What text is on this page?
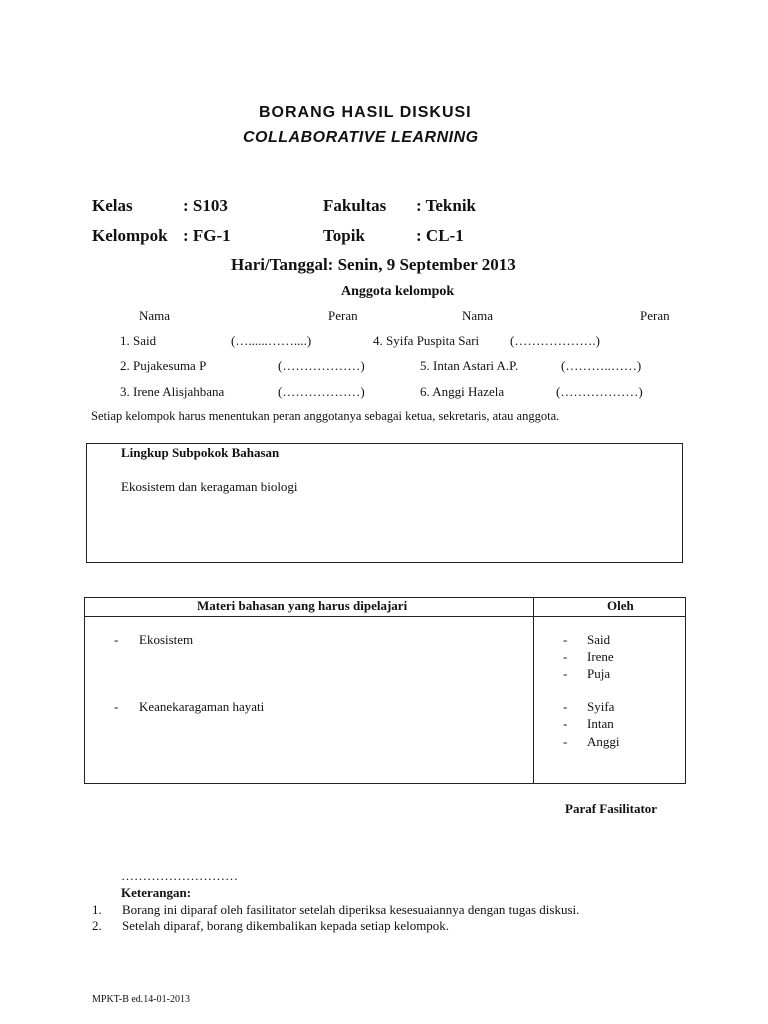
BORANG HASIL DISKUSI
COLLABORATIVE LEARNING
Kelas	: S103	Fakultas : Teknik
Kelompok : FG-1	Topik	: CL-1
Hari/Tanggal: Senin, 9 September 2013
Anggota kelompok
Nama	Peran	Nama	Peran
1. Said	(…......……....)	4. Syifa Puspita Sari (……………….)
2. Pujakesuma P	(………………)	5. Intan Astari A.P.	(………..……)
3. Irene Alisjahbana	(………………)	6. Anggi Hazela	(………………)
Setiap kelompok harus menentukan peran anggotanya sebagai ketua, sekretaris, atau anggota.
Lingkup Subpokok Bahasan
Ekosistem dan keragaman biologi
Materi bahasan yang harus dipelajari	Oleh
- Ekosistem	- Said
- Irene
- Puja
- Keanekaragaman hayati	- Syifa
- Intan
- Anggi
Paraf Fasilitator
………………………
Keterangan:
1. Borang ini diparaf oleh fasilitator setelah diperiksa kesesuaiannya dengan tugas diskusi.
2. Setelah diparaf, borang dikembalikan kepada setiap kelompok.
MPKT-B ed.14-01-2013
